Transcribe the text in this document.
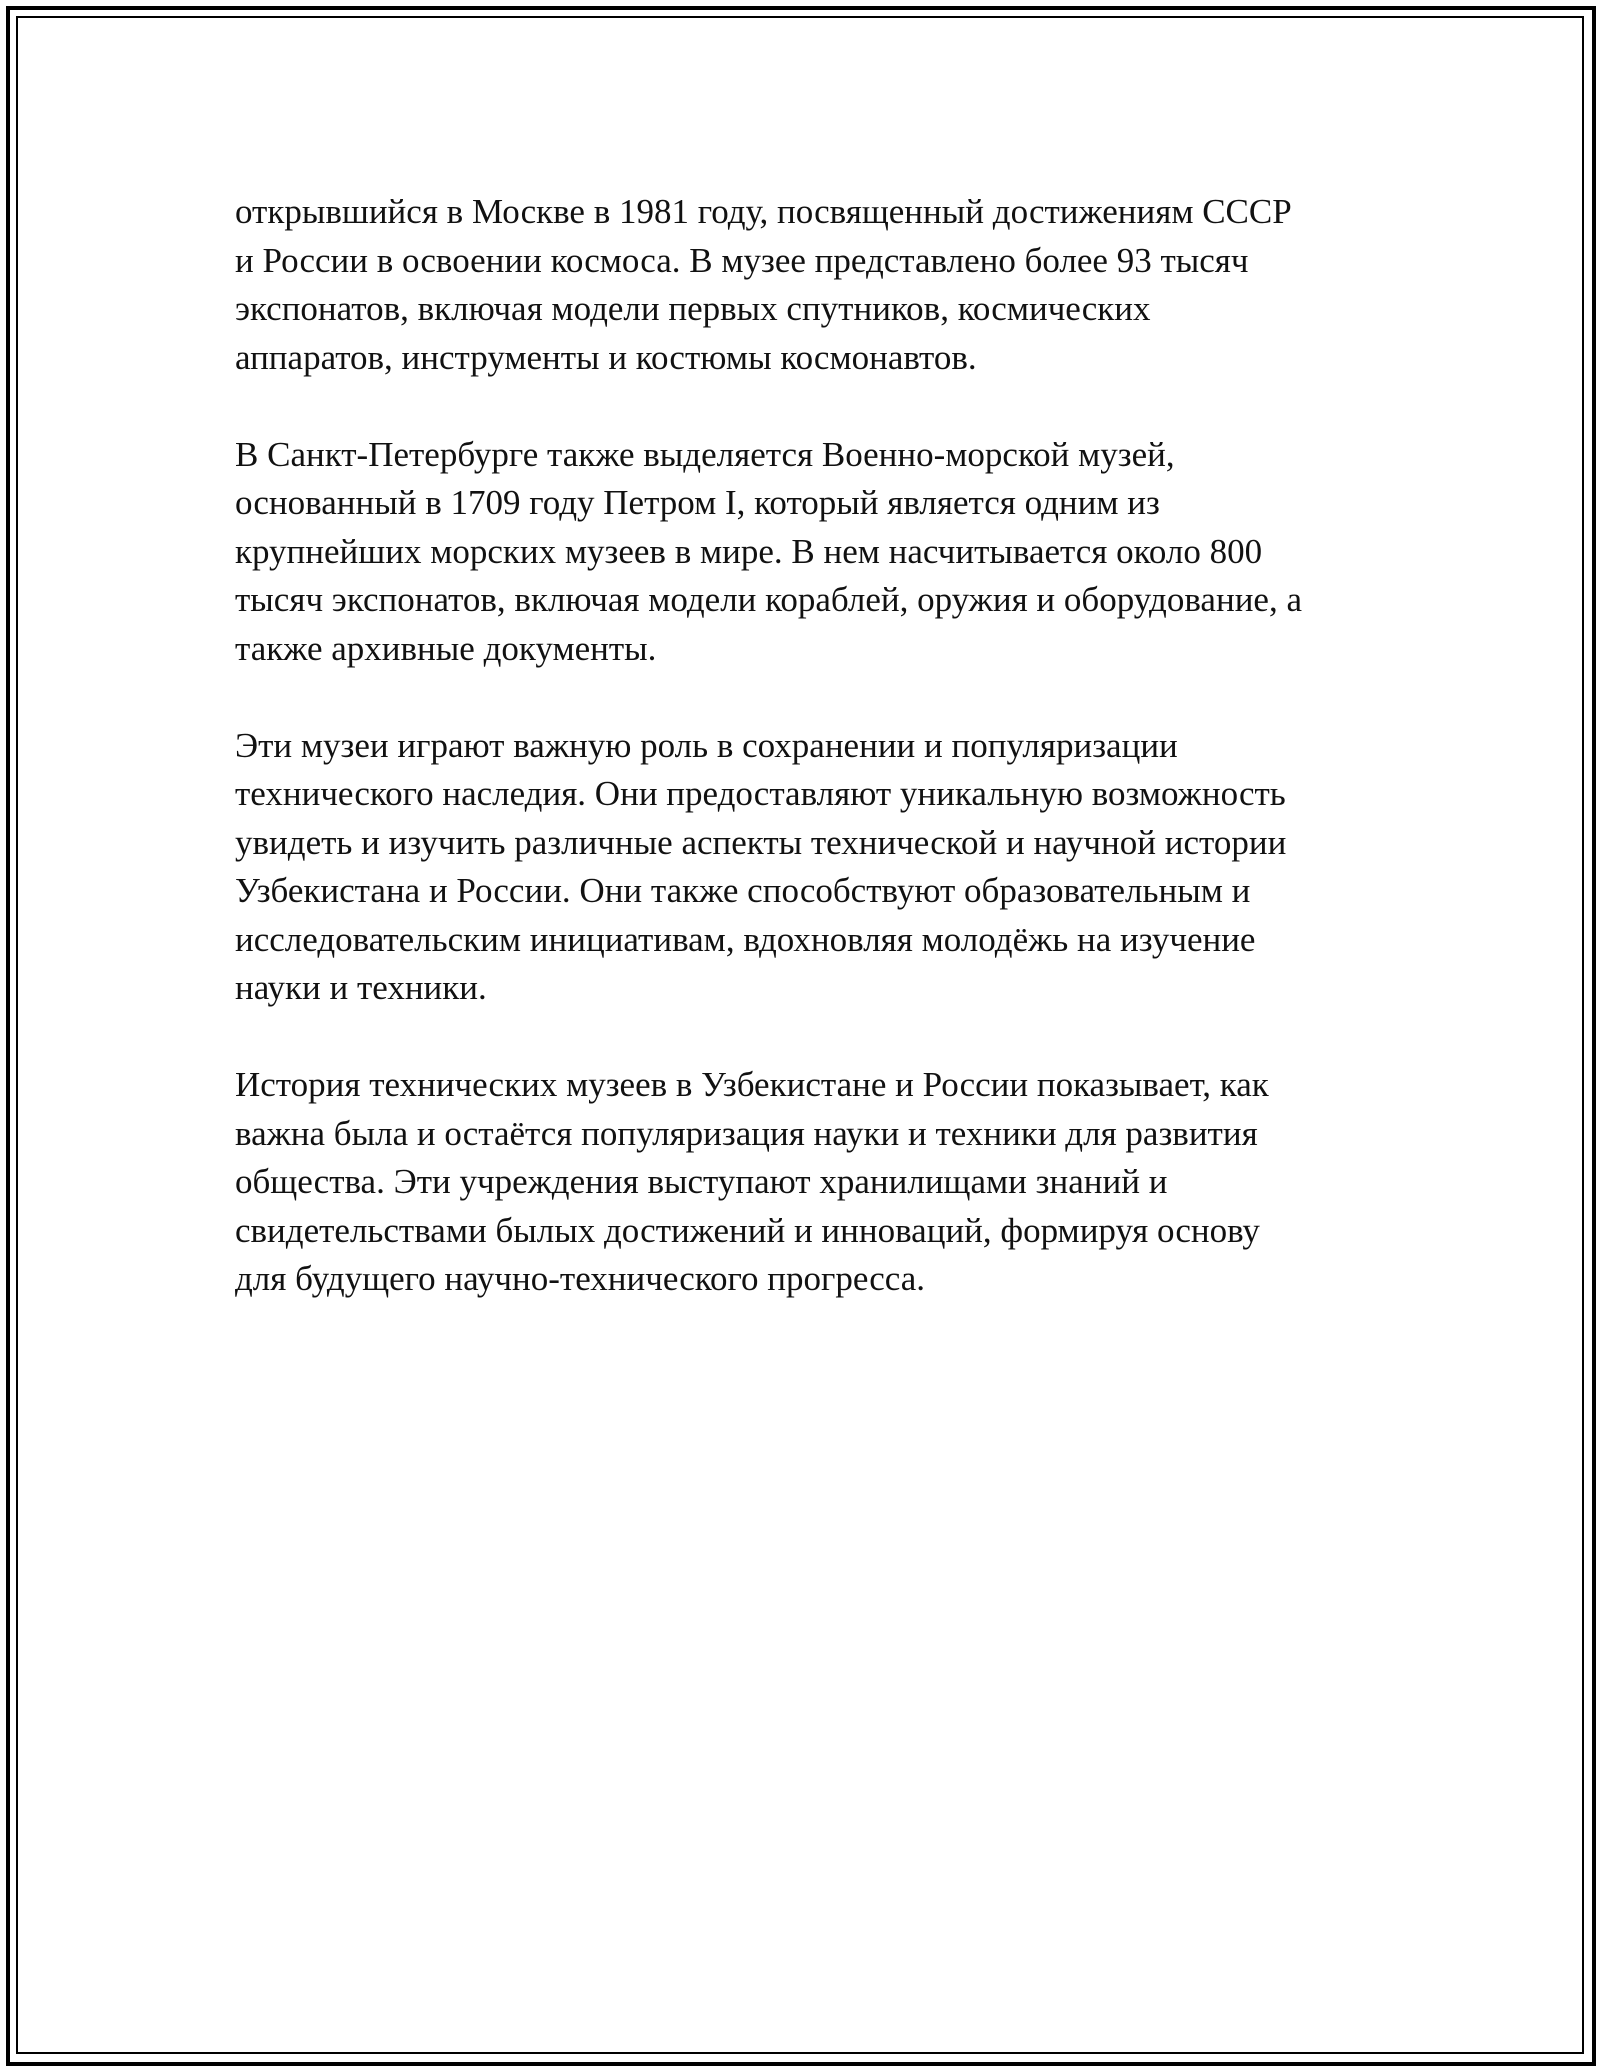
открывшийся в Москве в 1981 году, посвященный достижениям СССР
и России в освоении космоса. В музее представлено более 93 тысяч
экспонатов, включая модели первых спутников, космических
аппаратов, инструменты и костюмы космонавтов.

В Санкт-Петербурге также выделяется Военно-морской музей,
основанный в 1709 году Петром I, который является одним из
крупнейших морских музеев в мире. В нем насчитывается около 800
тысяч экспонатов, включая модели кораблей, оружия и оборудование, а
также архивные документы.

Эти музеи играют важную роль в сохранении и популяризации
технического наследия. Они предоставляют уникальную возможность
увидеть и изучить различные аспекты технической и научной истории
Узбекистана и России. Они также способствуют образовательным и
исследовательским инициативам, вдохновляя молодёжь на изучение
науки и техники.

История технических музеев в Узбекистане и России показывает, как
важна была и остаётся популяризация науки и техники для развития
общества. Эти учреждения выступают хранилищами знаний и
свидетельствами былых достижений и инноваций, формируя основу
для будущего научно-технического прогресса.
